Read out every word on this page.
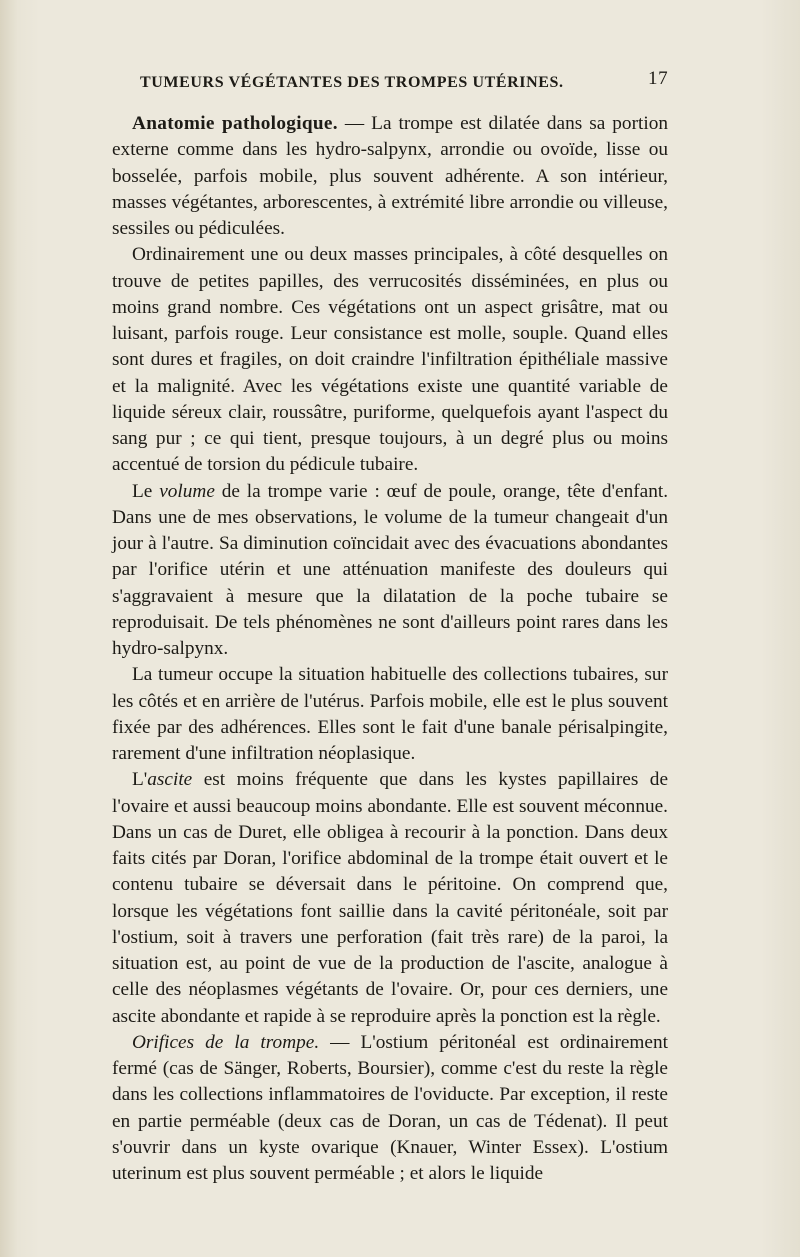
TUMEURS VÉGÉTANTES DES TROMPES UTÉRINES.	17

Anatomie pathologique. — La trompe est dilatée dans sa portion externe comme dans les hydro-salpynx, arrondie ou ovoïde, lisse ou bosselée, parfois mobile, plus souvent adhérente. A son intérieur, masses végétantes, arborescentes, à extrémité libre arrondie ou villeuse, sessiles ou pédiculées.

Ordinairement une ou deux masses principales, à côté desquelles on trouve de petites papilles, des verrucosités disséminées, en plus ou moins grand nombre. Ces végétations ont un aspect grisâtre, mat ou luisant, parfois rouge. Leur consistance est molle, souple. Quand elles sont dures et fragiles, on doit craindre l'infiltration épithéliale massive et la malignité. Avec les végétations existe une quantité variable de liquide séreux clair, roussâtre, puriforme, quelquefois ayant l'aspect du sang pur ; ce qui tient, presque toujours, à un degré plus ou moins accentué de torsion du pédicule tubaire.

Le volume de la trompe varie : œuf de poule, orange, tête d'enfant. Dans une de mes observations, le volume de la tumeur changeait d'un jour à l'autre. Sa diminution coïncidait avec des évacuations abondantes par l'orifice utérin et une atténuation manifeste des douleurs qui s'aggravaient à mesure que la dilatation de la poche tubaire se reproduisait. De tels phénomènes ne sont d'ailleurs point rares dans les hydro-salpynx.

La tumeur occupe la situation habituelle des collections tubaires, sur les côtés et en arrière de l'utérus. Parfois mobile, elle est le plus souvent fixée par des adhérences. Elles sont le fait d'une banale périsalpingite, rarement d'une infiltration néoplasique.

L'ascite est moins fréquente que dans les kystes papillaires de l'ovaire et aussi beaucoup moins abondante. Elle est souvent méconnue. Dans un cas de Duret, elle obligea à recourir à la ponction. Dans deux faits cités par Doran, l'orifice abdominal de la trompe était ouvert et le contenu tubaire se déversait dans le péritoine. On comprend que, lorsque les végétations font saillie dans la cavité péritonéale, soit par l'ostium, soit à travers une perforation (fait très rare) de la paroi, la situation est, au point de vue de la production de l'ascite, analogue à celle des néoplasmes végétants de l'ovaire. Or, pour ces derniers, une ascite abondante et rapide à se reproduire après la ponction est la règle.

Orifices de la trompe. — L'ostium péritonéal est ordinairement fermé (cas de Sänger, Roberts, Boursier), comme c'est du reste la règle dans les collections inflammatoires de l'oviducte. Par exception, il reste en partie perméable (deux cas de Doran, un cas de Tédenat). Il peut s'ouvrir dans un kyste ovarique (Knauer, Winter Essex). L'ostium uterinum est plus souvent perméable ; et alors le liquide
